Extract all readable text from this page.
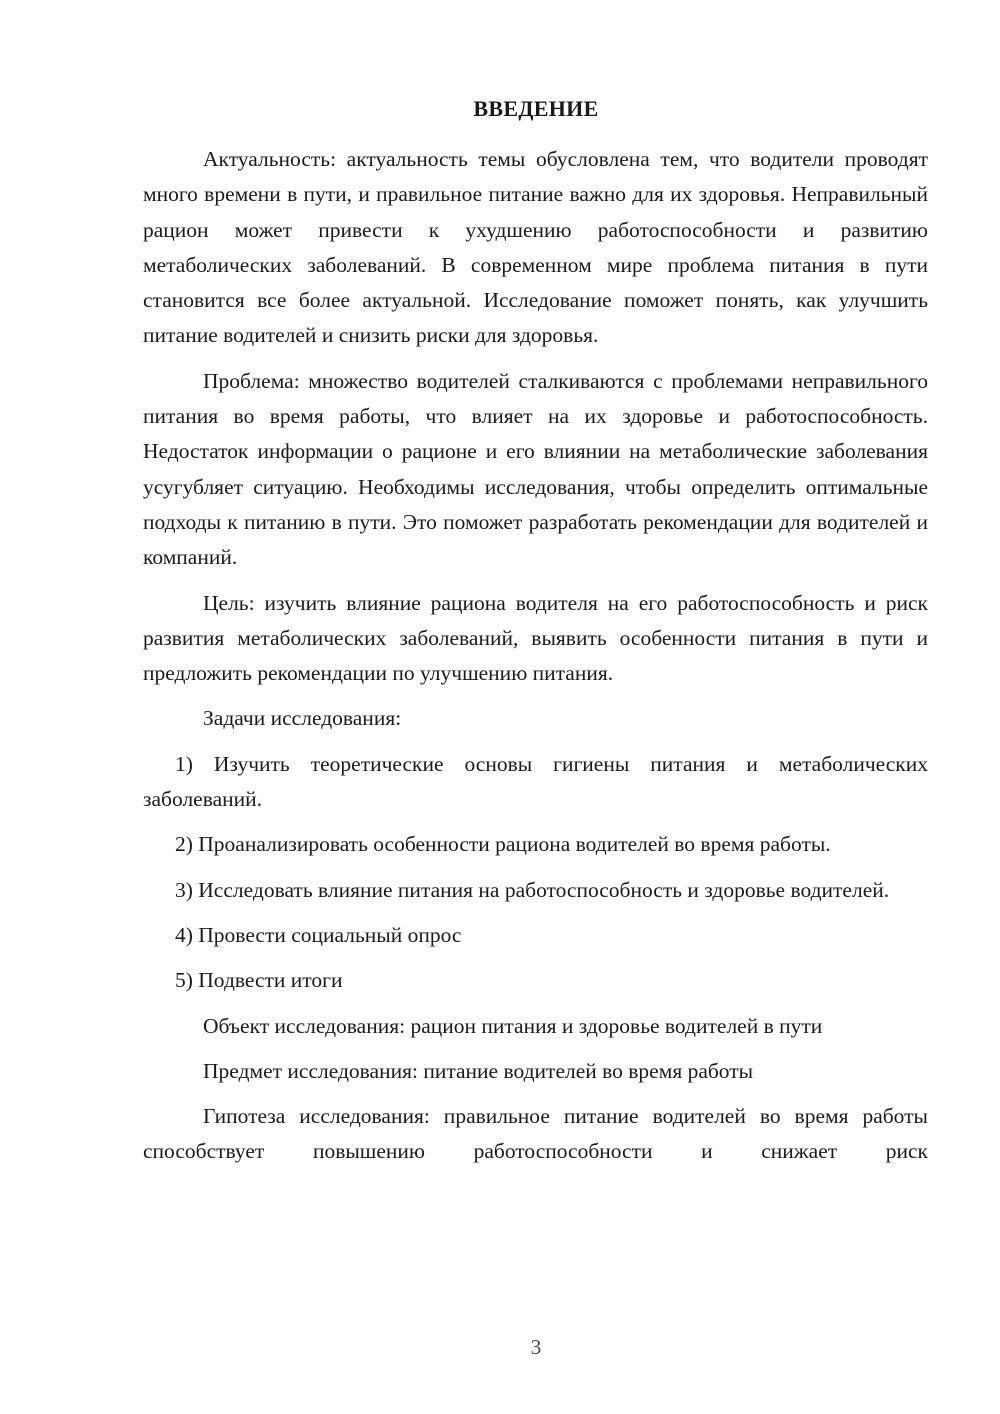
ВВЕДЕНИЕ

Актуальность: актуальность темы обусловлена тем, что водители проводят много времени в пути, и правильное питание важно для их здоровья. Неправильный рацион может привести к ухудшению работоспособности и развитию метаболических заболеваний. В современном мире проблема питания в пути становится все более актуальной. Исследование поможет понять, как улучшить питание водителей и снизить риски для здоровья.

Проблема: множество водителей сталкиваются с проблемами неправильного питания во время работы, что влияет на их здоровье и работоспособность. Недостаток информации о рационе и его влиянии на метаболические заболевания усугубляет ситуацию. Необходимы исследования, чтобы определить оптимальные подходы к питанию в пути. Это поможет разработать рекомендации для водителей и компаний.

Цель: изучить влияние рациона водителя на его работоспособность и риск развития метаболических заболеваний, выявить особенности питания в пути и предложить рекомендации по улучшению питания.

Задачи исследования:

1) Изучить теоретические основы гигиены питания и метаболических заболеваний.

2) Проанализировать особенности рациона водителей во время работы.

3) Исследовать влияние питания на работоспособность и здоровье водителей.

4) Провести социальный опрос

5) Подвести итоги

Объект исследования: рацион питания и здоровье водителей в пути

Предмет исследования: питание водителей во время работы

Гипотеза исследования: правильное питание водителей во время работы способствует повышению работоспособности и снижает риск

3
